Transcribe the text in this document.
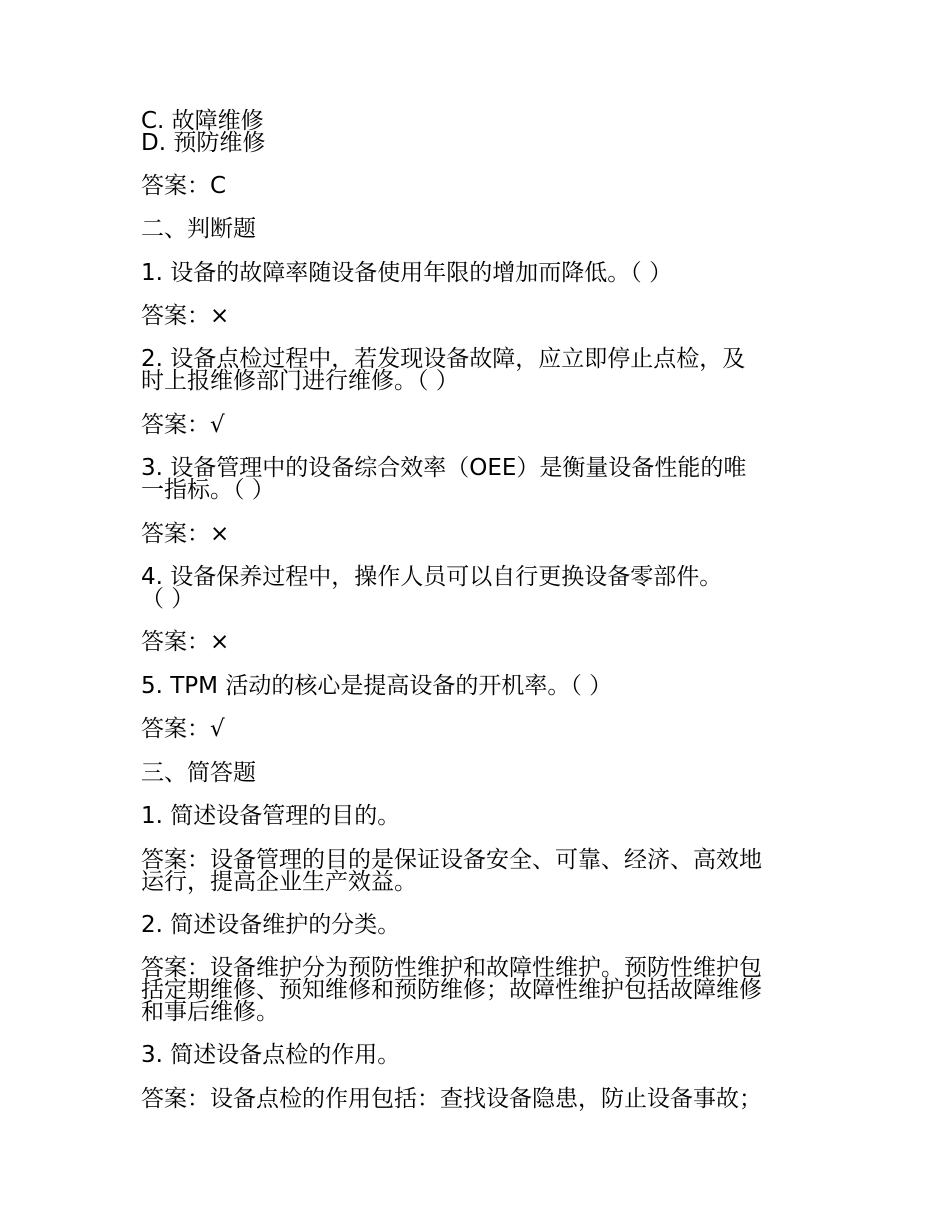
C. 故障维修
D. 预防维修
答案：C
二、判断题
1. 设备的故障率随设备使用年限的增加而降低。（ ）
答案：×
2. 设备点检过程中，若发现设备故障，应立即停止点检，及
时上报维修部门进行维修。（ ）
答案：√
3. 设备管理中的设备综合效率（OEE）是衡量设备性能的唯
一指标。（ ）
答案：×
4. 设备保养过程中，操作人员可以自行更换设备零部件。
（ ）
答案：×
5. TPM 活动的核心是提高设备的开机率。（ ）
答案：√
三、简答题
1. 简述设备管理的目的。
答案：设备管理的目的是保证设备安全、可靠、经济、高效地
运行，提高企业生产效益。
2. 简述设备维护的分类。
答案：设备维护分为预防性维护和故障性维护。预防性维护包
括定期维修、预知维修和预防维修；故障性维护包括故障维修
和事后维修。
3. 简述设备点检的作用。
答案：设备点检的作用包括：查找设备隐患，防止设备事故；
